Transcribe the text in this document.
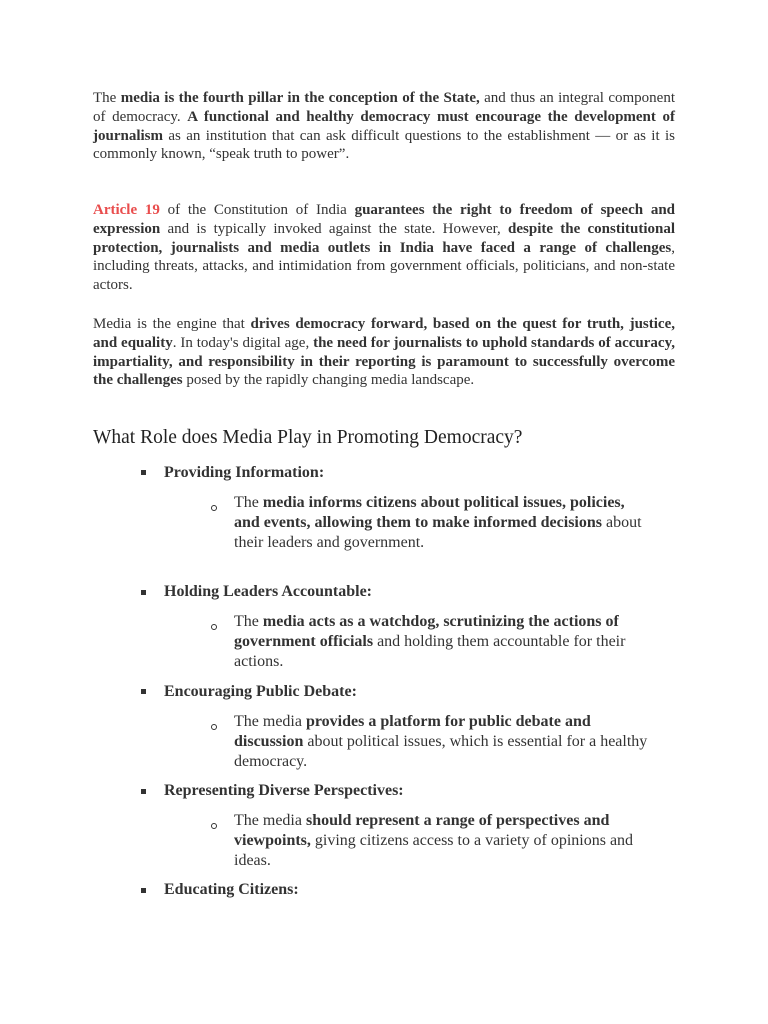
The media is the fourth pillar in the conception of the State, and thus an integral component of democracy. A functional and healthy democracy must encourage the development of journalism as an institution that can ask difficult questions to the establishment — or as it is commonly known, “speak truth to power”.

Article 19 of the Constitution of India guarantees the right to freedom of speech and expression and is typically invoked against the state. However, despite the constitutional protection, journalists and media outlets in India have faced a range of challenges, including threats, attacks, and intimidation from government officials, politicians, and non-state actors.

Media is the engine that drives democracy forward, based on the quest for truth, justice, and equality. In today's digital age, the need for journalists to uphold standards of accuracy, impartiality, and responsibility in their reporting is paramount to successfully overcome the challenges posed by the rapidly changing media landscape.

What Role does Media Play in Promoting Democracy?

Providing Information:

The media informs citizens about political issues, policies, and events, allowing them to make informed decisions about their leaders and government.

Holding Leaders Accountable:

The media acts as a watchdog, scrutinizing the actions of government officials and holding them accountable for their actions.

Encouraging Public Debate:

The media provides a platform for public debate and discussion about political issues, which is essential for a healthy democracy.

Representing Diverse Perspectives:

The media should represent a range of perspectives and viewpoints, giving citizens access to a variety of opinions and ideas.

Educating Citizens:
